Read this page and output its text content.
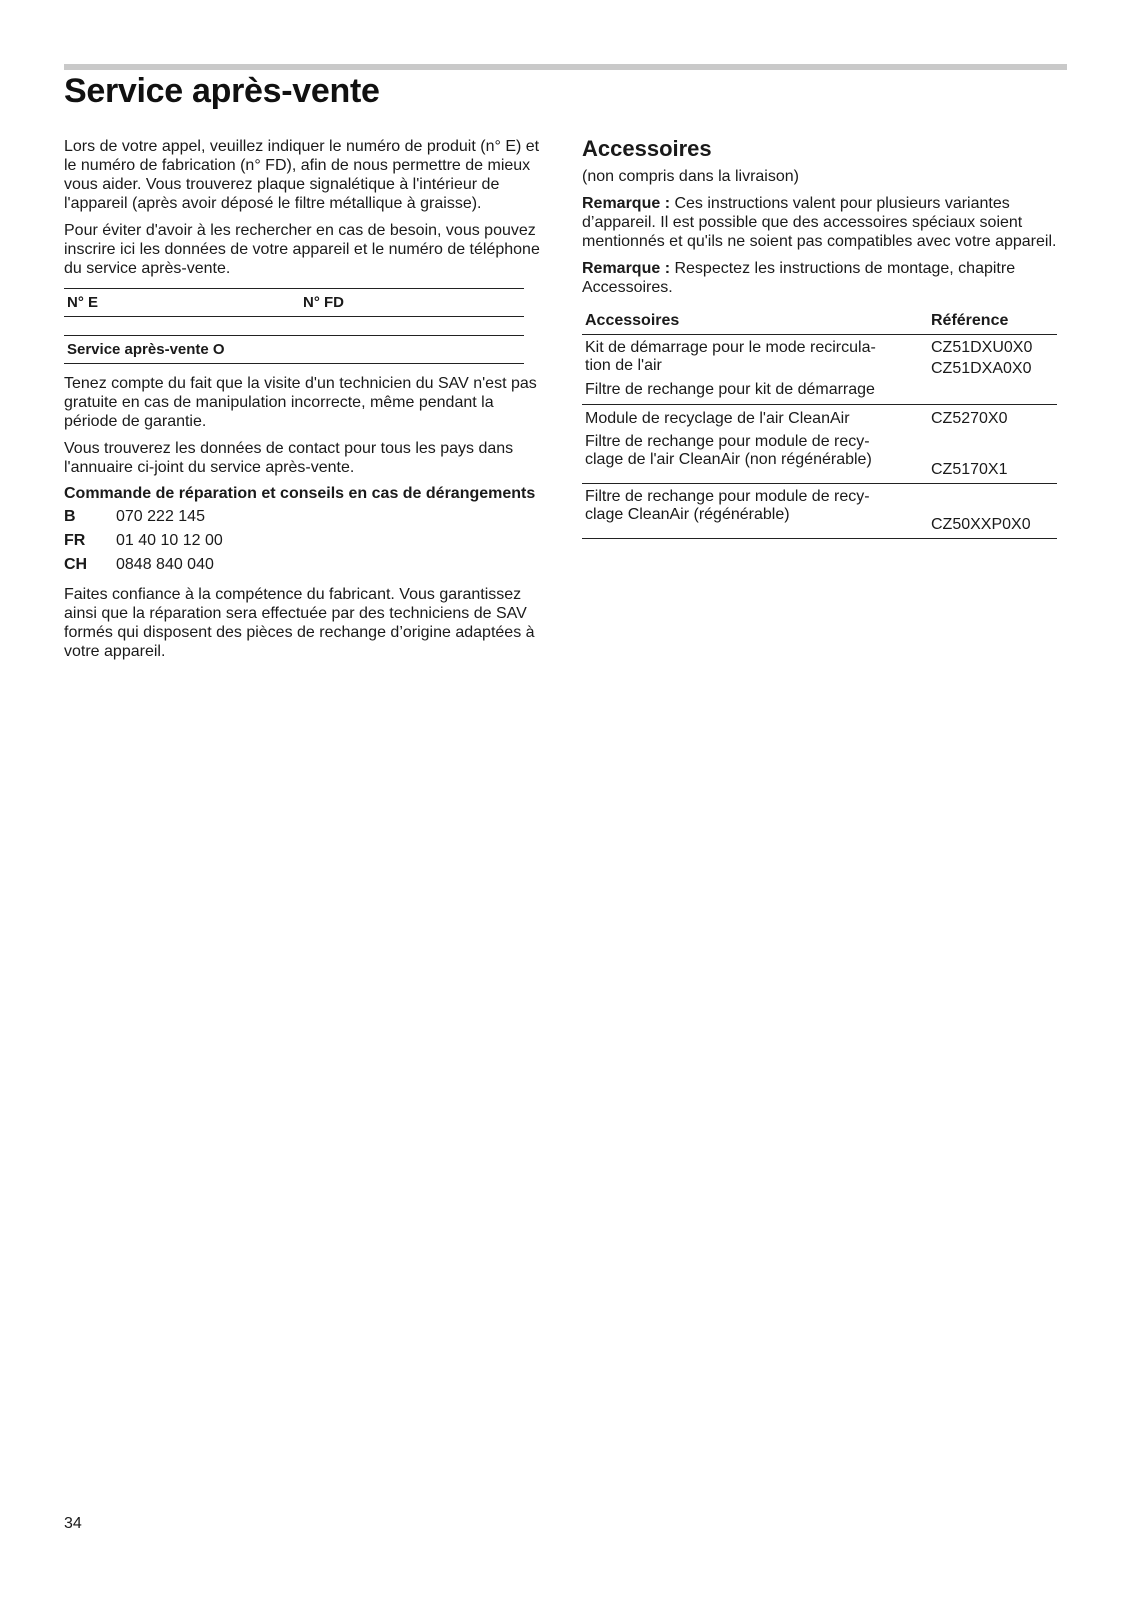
Service après-vente

Lors de votre appel, veuillez indiquer le numéro de produit (n° E) et le numéro de fabrication (n° FD), afin de nous permettre de mieux vous aider. Vous trouverez plaque signalétique à l'intérieur de l'appareil (après avoir déposé le filtre métallique à graisse).

Pour éviter d'avoir à les rechercher en cas de besoin, vous pouvez inscrire ici les données de votre appareil et le numéro de téléphone du service après-vente.

N° E	N° FD

Service après-vente O

Tenez compte du fait que la visite d'un technicien du SAV n'est pas gratuite en cas de manipulation incorrecte, même pendant la période de garantie.

Vous trouverez les données de contact pour tous les pays dans l'annuaire ci-joint du service après-vente.

Commande de réparation et conseils en cas de dérangements

B	070 222 145
FR	01 40 10 12 00
CH	0848 840 040

Faites confiance à la compétence du fabricant. Vous garantissez ainsi que la réparation sera effectuée par des techniciens de SAV formés qui disposent des pièces de rechange d’origine adaptées à votre appareil.

Accessoires

(non compris dans la livraison)

Remarque : Ces instructions valent pour plusieurs variantes d’appareil. Il est possible que des accessoires spéciaux soient mentionnés et qu'ils ne soient pas compatibles avec votre appareil.

Remarque : Respectez les instructions de montage, chapitre Accessoires.

Accessoires	Référence

Kit de démarrage pour le mode recircula-
tion de l'air	CZ51DXU0X0

Filtre de rechange pour kit de démarrage	CZ51DXA0X0
Module de recyclage de l'air CleanAir	CZ5270X0

Filtre de rechange pour module de recy-
clage de l'air CleanAir (non régénérable)	CZ5170X1

Filtre de rechange pour module de recy-
clage CleanAir (régénérable)	CZ50XXP0X0
34
